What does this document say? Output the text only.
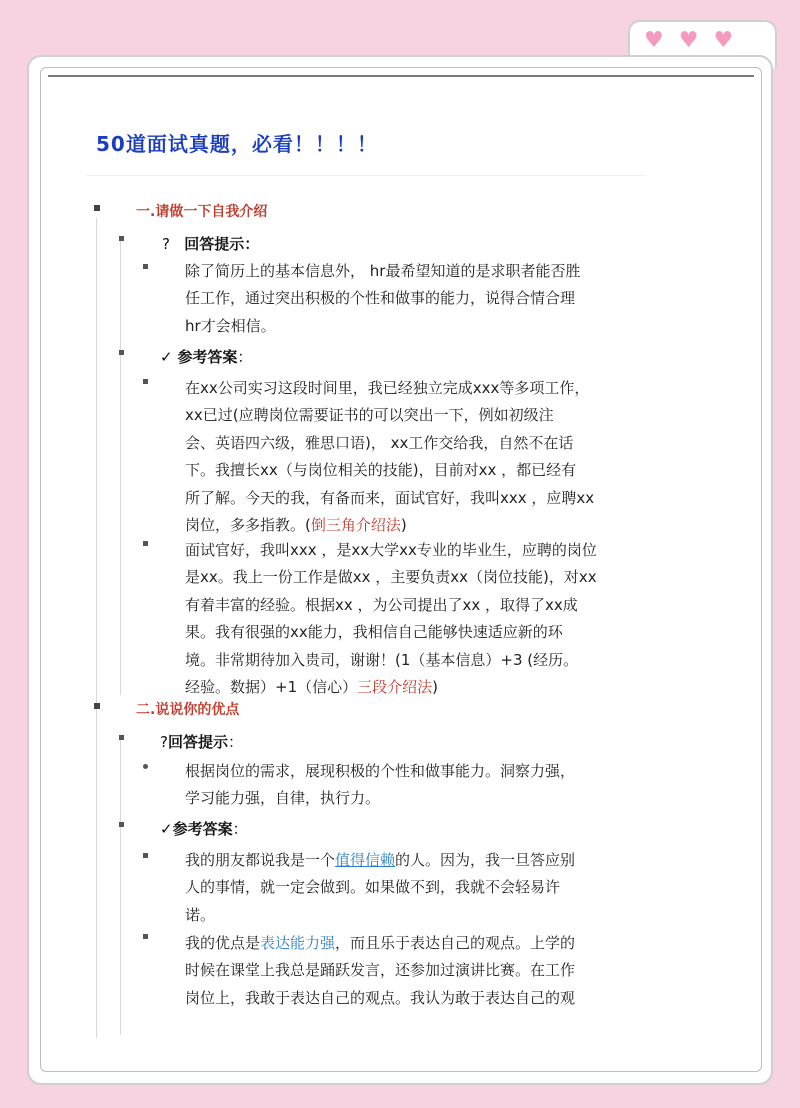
♥ ♥ ♥
50道面试真题，必看！！！！
一.请做一下自我介绍
? 回答提示：
除了简历上的基本信息外， hr最希望知道的是求职者能否胜
任工作，通过突出积极的个性和做事的能力，说得合情合理
hr才会相信。
✓ 参考答案：
在xx公司实习这段时间里，我已经独立完成xxx等多项工作，
xx已过(应聘岗位需要证书的可以突出一下，例如初级注
会、英语四六级，雅思口语)， xx工作交给我，自然不在话
下。我擅长xx（与岗位相关的技能)，目前对xx ，都已经有
所了解。今天的我，有备而来，面试官好，我叫xxx ，应聘xx
岗位，多多指教。(倒三角介绍法)
面试官好，我叫xxx ，是xx大学xx专业的毕业生，应聘的岗位
是xx。我上一份工作是做xx ，主要负责xx（岗位技能)，对xx
有着丰富的经验。根据xx ，为公司提出了xx ，取得了xx成
果。我有很强的xx能力，我相信自己能够快速适应新的环
境。非常期待加入贵司，谢谢！(1（基本信息）+3 (经历。
经验。数据）+1（信心）三段介绍法)
二.说说你的优点
?回答提示：
根据岗位的需求，展现积极的个性和做事能力。洞察力强，
学习能力强，自律，执行力。
✓参考答案：
我的朋友都说我是一个值得信赖的人。因为，我一旦答应别
人的事情，就一定会做到。如果做不到，我就不会轻易许
诺。
我的优点是表达能力强，而且乐于表达自己的观点。上学的
时候在课堂上我总是踊跃发言，还参加过演讲比赛。在工作
岗位上，我敢于表达自己的观点。我认为敢于表达自己的观
